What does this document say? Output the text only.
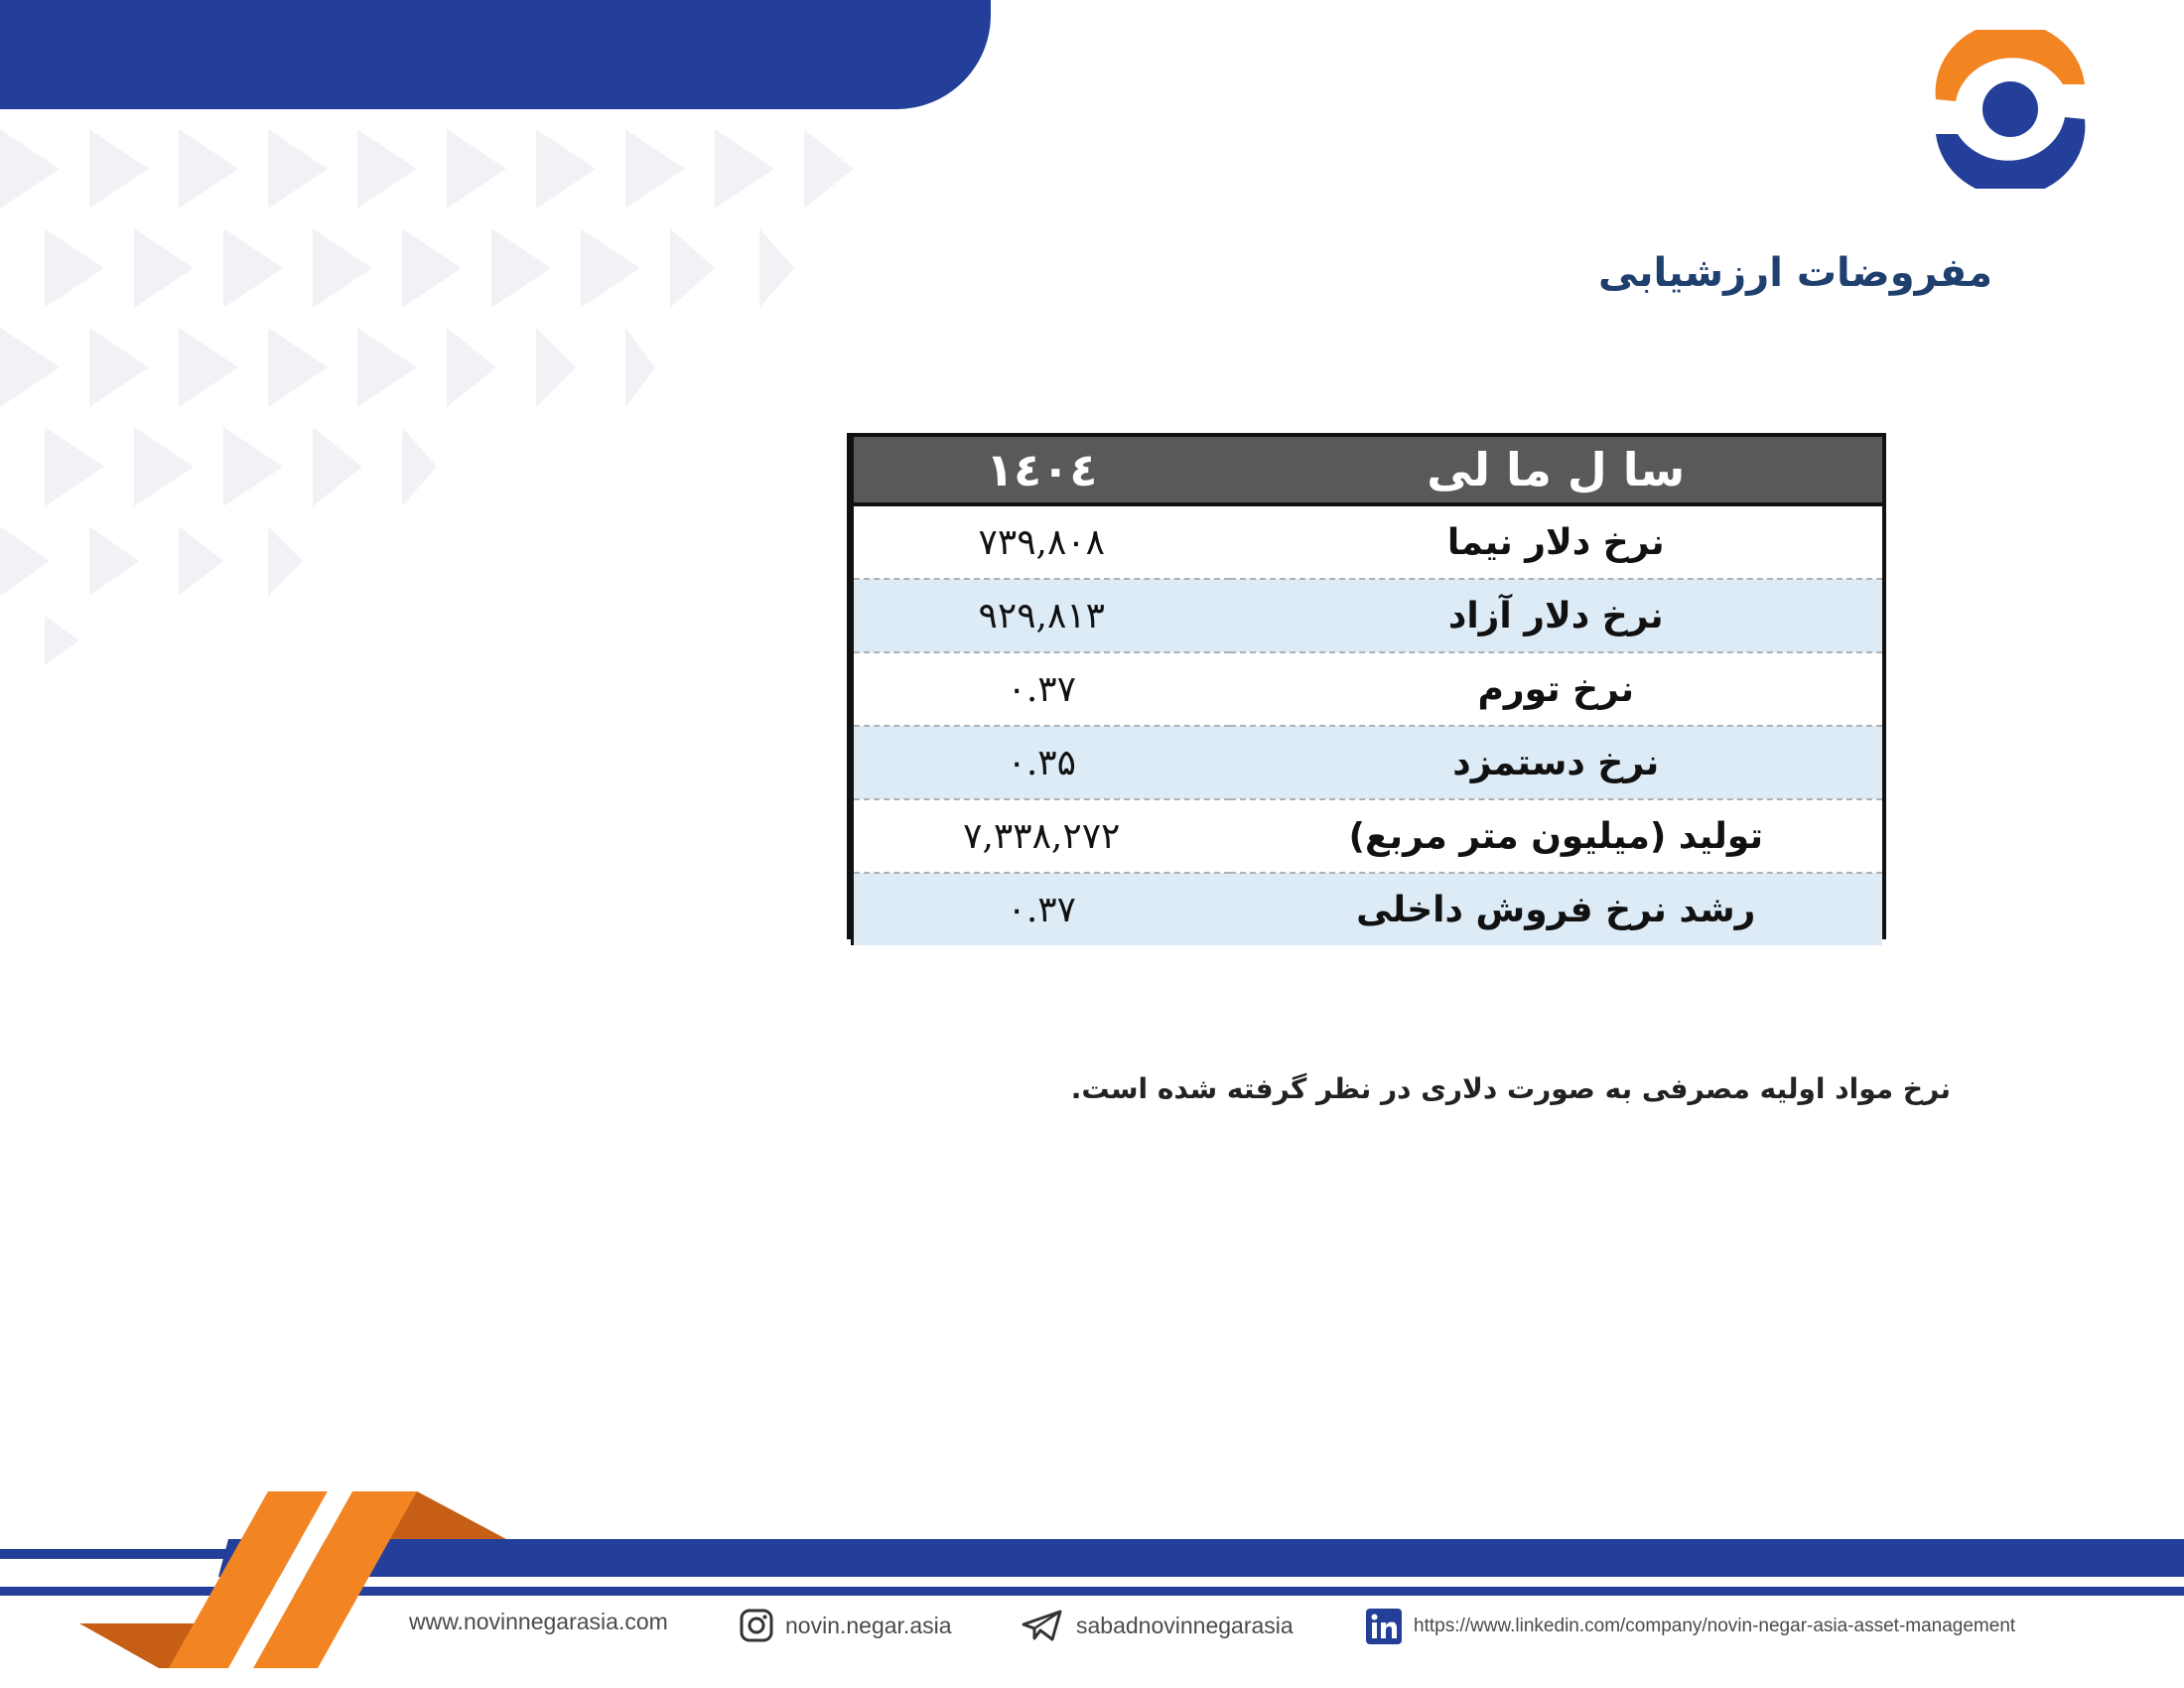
مفروضات ارزشیابی
١٤٠٤	سا ل ما لی
۷۳۹,۸۰۸	نرخ دلار نیما
۹۲۹,۸۱۳	نرخ دلار آزاد
۰.۳۷	نرخ تورم
۰.۳۵	نرخ دستمزد
۷,۳۳۸,۲۷۲	تولید (میلیون متر مربع)
۰.۳۷	رشد نرخ فروش داخلی
نرخ مواد اولیه مصرفی به صورت دلاری در نظر گرفته شده است.
www.novinnegarasia.com	novin.negar.asia	sabadnovinnegarasia	https://www.linkedin.com/company/novin-negar-asia-asset-management
